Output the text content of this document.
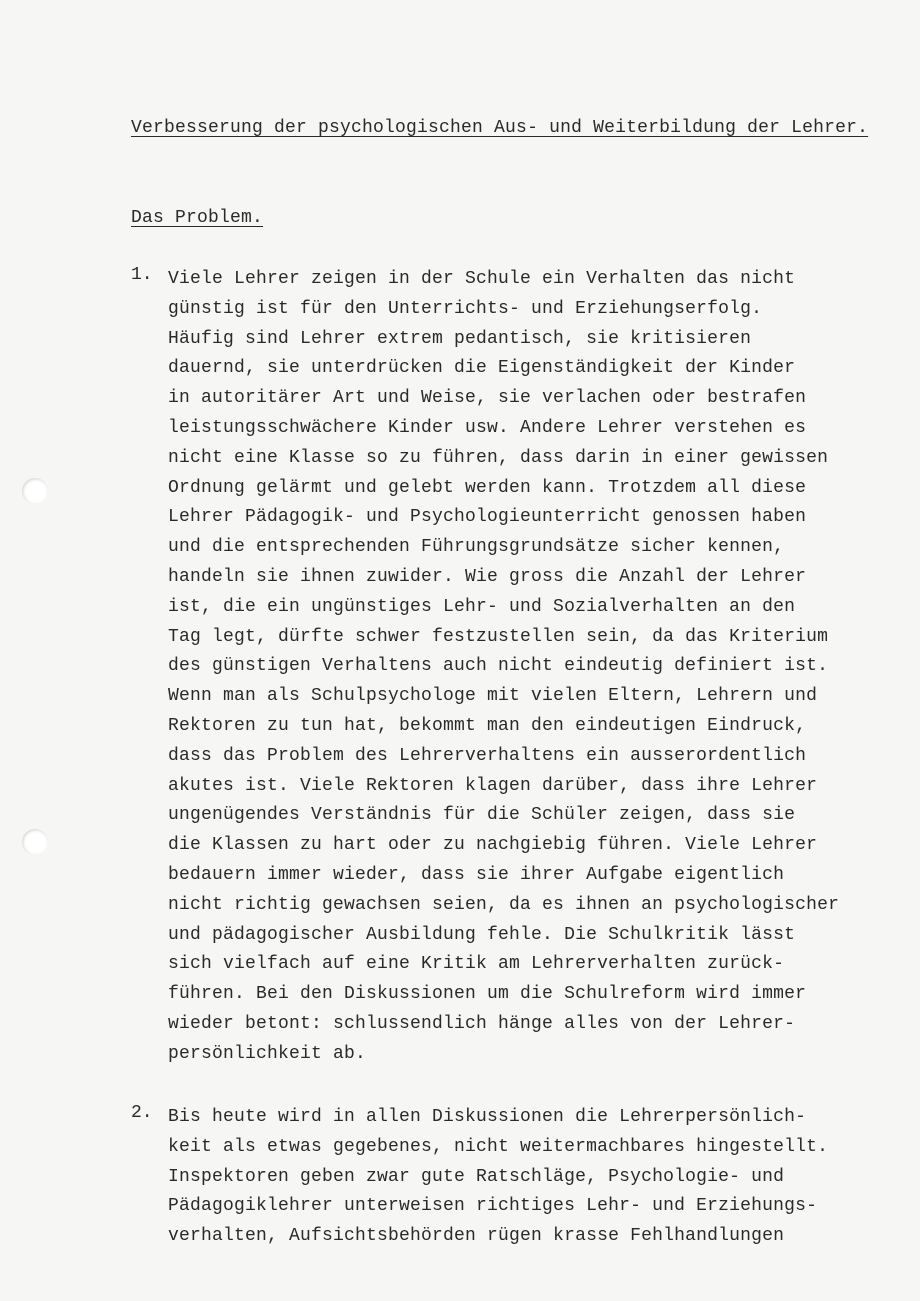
Verbesserung der psychologischen Aus- und Weiterbildung der Lehrer.
Das Problem.
1. Viele Lehrer zeigen in der Schule ein Verhalten das nicht
günstig ist für den Unterrichts- und Erziehungserfolg.
Häufig sind Lehrer extrem pedantisch, sie kritisieren
dauernd, sie unterdrücken die Eigenständigkeit der Kinder
in autoritärer Art und Weise, sie verlachen oder bestrafen
leistungsschwächere Kinder usw. Andere Lehrer verstehen es
nicht eine Klasse so zu führen, dass darin in einer gewissen
Ordnung gelärmt und gelebt werden kann. Trotzdem all diese
Lehrer Pädagogik- und Psychologieunterricht genossen haben
und die entsprechenden Führungsgrundsätze sicher kennen,
handeln sie ihnen zuwider. Wie gross die Anzahl der Lehrer
ist, die ein ungünstiges Lehr- und Sozialverhalten an den
Tag legt, dürfte schwer festzustellen sein, da das Kriterium
des günstigen Verhaltens auch nicht eindeutig definiert ist.
Wenn man als Schulpsychologe mit vielen Eltern, Lehrern und
Rektoren zu tun hat, bekommt man den eindeutigen Eindruck,
dass das Problem des Lehrerverhaltens ein ausserordentlich
akutes ist. Viele Rektoren klagen darüber, dass ihre Lehrer
ungenügendes Verständnis für die Schüler zeigen, dass sie
die Klassen zu hart oder zu nachgiebig führen. Viele Lehrer
bedauern immer wieder, dass sie ihrer Aufgabe eigentlich
nicht richtig gewachsen seien, da es ihnen an psychologischer
und pädagogischer Ausbildung fehle. Die Schulkritik lässt
sich vielfach auf eine Kritik am Lehrerverhalten zurück-
führen. Bei den Diskussionen um die Schulreform wird immer
wieder betont: schlussendlich hänge alles von der Lehrer-
persönlichkeit ab.
2. Bis heute wird in allen Diskussionen die Lehrerpersönlich-
keit als etwas gegebenes, nicht weitermachbares hingestellt.
Inspektoren geben zwar gute Ratschläge, Psychologie- und
Pädagogiklehrer unterweisen richtiges Lehr- und Erziehungs-
verhalten, Aufsichtsbehörden rügen krasse Fehlhandlungen
